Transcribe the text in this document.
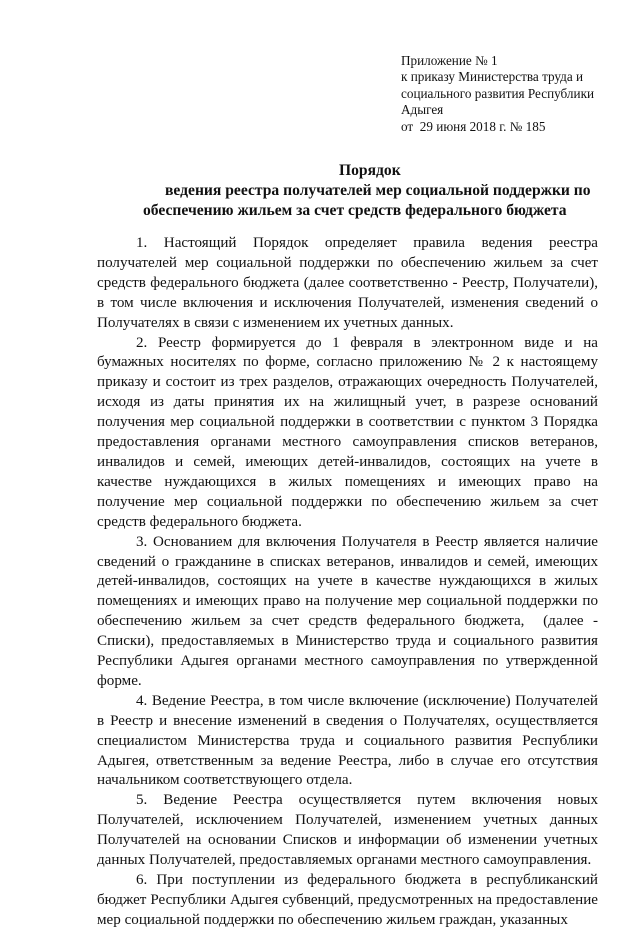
Приложение № 1
к приказу Министерства труда и
социального развития Республики
Адыгея
от  29 июня 2018 г. № 185
Порядок
ведения реестра получателей мер социальной поддержки по
обеспечению жильем за счет средств федерального бюджета

1.   Настоящий   Порядок   определяет   правила   ведения   реестра получателей мер социальной поддержки по обеспечению жильем за счет средств федерального бюджета (далее соответственно - Реестр, Получатели), в том числе включения и исключения Получателей, изменения сведений о Получателях в связи с изменением их учетных данных.

2. Реестр формируется до 1 февраля в электронном виде и на бумажных носителях по форме, согласно приложению № 2 к настоящему приказу и состоит из трех разделов, отражающих очередность Получателей, исходя из даты принятия их на жилищный учет, в разрезе оснований получения мер социальной поддержки в соответствии с пунктом 3 Порядка предоставления органами местного самоуправления списков ветеранов, инвалидов и семей, имеющих детей-инвалидов, состоящих на учете в качестве нуждающихся в жилых помещениях и имеющих право на получение мер социальной поддержки по обеспечению жильем за счет средств федерального бюджета.

3. Основанием для включения Получателя в Реестр является наличие сведений о гражданине в списках ветеранов, инвалидов и семей, имеющих детей-инвалидов, состоящих на учете в качестве нуждающихся в жилых помещениях и имеющих право на получение мер социальной поддержки по обеспечению жильем за счет средств федерального бюджета,  (далее - Списки), предоставляемых в Министерство труда и социального развития Республики Адыгея органами местного самоуправления по утвержденной форме.

4. Ведение Реестра, в том числе включение (исключение) Получателей в Реестр и внесение изменений в сведения о Получателях, осуществляется специалистом Министерства труда и социального развития Республики Адыгея, ответственным за ведение Реестра, либо в случае его отсутствия начальником соответствующего отдела.

5.   Ведение   Реестра   осуществляется   путем   включения   новых Получателей, исключением Получателей, изменением учетных данных Получателей на основании Списков и информации об изменении учетных данных Получателей, предоставляемых органами местного самоуправления.

6. При поступлении из федерального бюджета в республиканский бюджет Республики Адыгея субвенций, предусмотренных на предоставление мер социальной поддержки по обеспечению жильем граждан, указанных
